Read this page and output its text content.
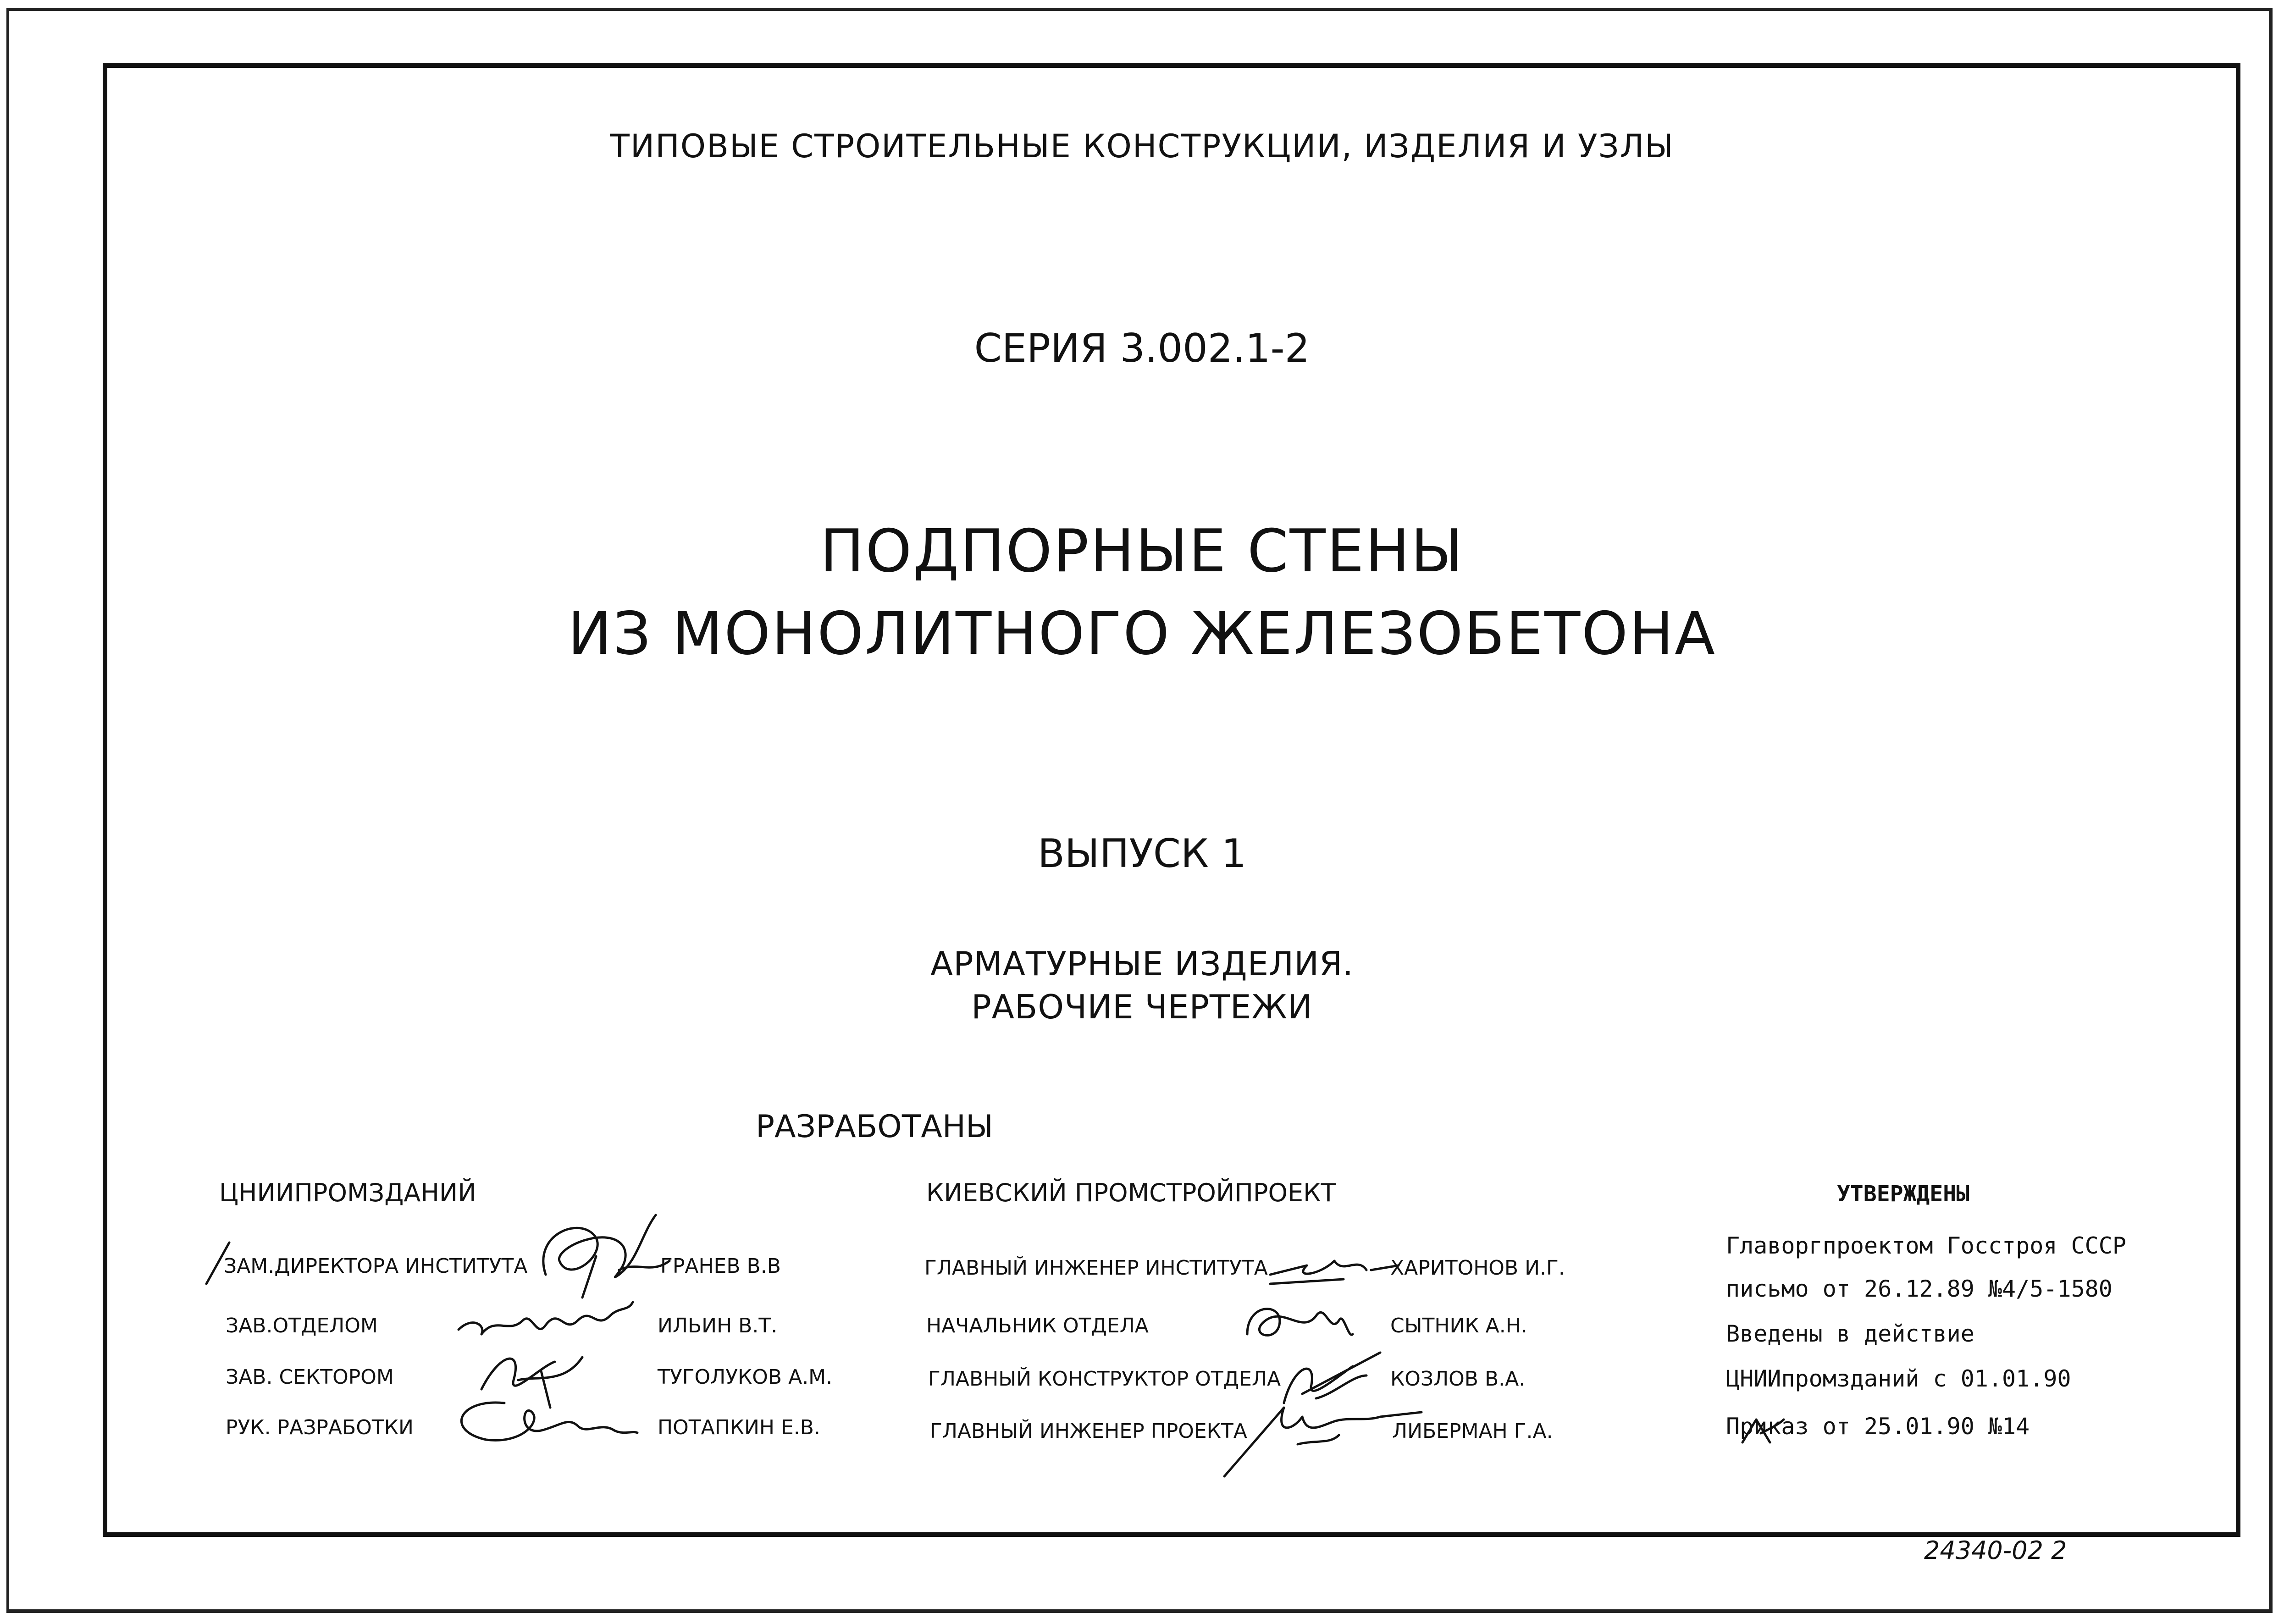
ТИПОВЫЕ СТРОИТЕЛЬНЫЕ КОНСТРУКЦИИ, ИЗДЕЛИЯ И УЗЛЫ
СЕРИЯ 3.002.1-2
ПОДПОРНЫЕ СТЕНЫ
ИЗ МОНОЛИТНОГО ЖЕЛЕЗОБЕТОНА
ВЫПУСК 1
АРМАТУРНЫЕ ИЗДЕЛИЯ.
РАБОЧИЕ ЧЕРТЕЖИ
РАЗРАБОТАНЫ
ЦНИИПРОМЗДАНИЙ
ЗАМ.ДИРЕКТОРА ИНСТИТУТА	ГРАНЕВ В.В
ЗАВ.ОТДЕЛОМ	ИЛЬИН В.Т.
ЗАВ. СЕКТОРОМ	ТУГОЛУКОВ А.М.
РУК. РАЗРАБОТКИ	ПОТАПКИН Е.В.
КИЕВСКИЙ ПРОМСТРОЙПРОЕКТ
ГЛАВНЫЙ ИНЖЕНЕР ИНСТИТУТА	ХАРИТОНОВ И.Г.
НАЧАЛЬНИК ОТДЕЛА	СЫТНИК А.Н.
ГЛАВНЫЙ КОНСТРУКТОР ОТДЕЛА	КОЗЛОВ В.А.
ГЛАВНЫЙ ИНЖЕНЕР ПРОЕКТА	ЛИБЕРМАН Г.А.
УТВЕРЖДЕНЫ
Главоргпроектом Госстроя СССР
письмо от 26.12.89 №4/5-1580
Введены в действие
ЦНИИпромзданий с 01.01.90
Приказ от 25.01.90 №14
24340-02 2
